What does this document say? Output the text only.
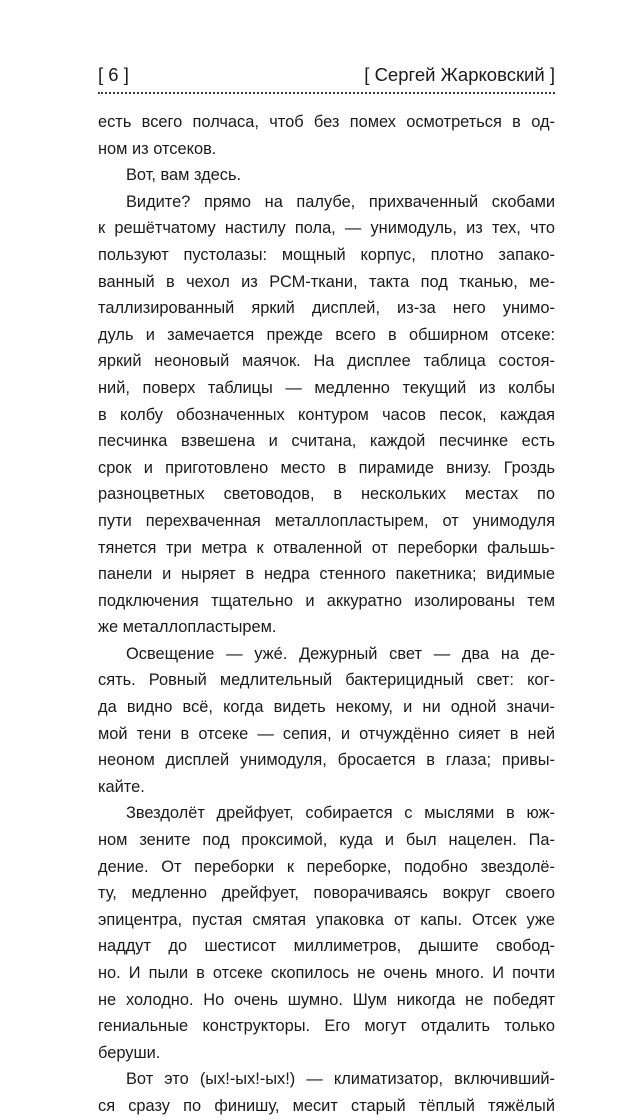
[ 6 ]	[ Сергей Жарковский ]
есть всего полчаса, чтоб без помех осмотреться в од-
ном из отсеков.
Вот, вам здесь.
Видите? прямо на палубе, прихваченный скобами
к решётчатому настилу пола, — унимодуль, из тех, что
пользуют пустолазы: мощный корпус, плотно запако-
ванный в чехол из РСМ-ткани, такта под тканью, ме-
таллизированный яркий дисплей, из-за него унимо-
дуль и замечается прежде всего в обширном отсеке:
яркий неоновый маячок. На дисплее таблица состоя-
ний, поверх таблицы — медленно текущий из колбы
в колбу обозначенных контуром часов песок, каждая
песчинка взвешена и считана, каждой песчинке есть
срок и приготовлено место в пирамиде внизу. Гроздь
разноцветных световодов, в нескольких местах по
пути перехваченная металлопластырем, от унимодуля
тянется три метра к отваленной от переборки фальшь-
панели и ныряет в недра стенного пакетника; видимые
подключения тщательно и аккуратно изолированы тем
же металлопластырем.
Освещение — ужé. Дежурный свет — два на де-
сять. Ровный медлительный бактерицидный свет: ког-
да видно всё, когда видеть некому, и ни одной значи-
мой тени в отсеке — сепия, и отчуждённо сияет в ней
неоном дисплей унимодуля, бросается в глаза; привы-
кайте.
Звездолёт дрейфует, собирается с мыслями в юж-
ном зените под проксимой, куда и был нацелен. Па-
дение. От переборки к переборке, подобно звездолё-
ту, медленно дрейфует, поворачиваясь вокруг своего
эпицентра, пустая смятая упаковка от капы. Отсек уже
наддут до шестисот миллиметров, дышите свобод-
но. И пыли в отсеке скопилось не очень много. И почти
не холодно. Но очень шумно. Шум никогда не победят
гениальные конструкторы. Его могут отдалить только
беруши.
Вот это (ых!-ых!-ых!) — климатизатор, включивший-
ся сразу по финишу, месит старый тёплый тяжёлый
